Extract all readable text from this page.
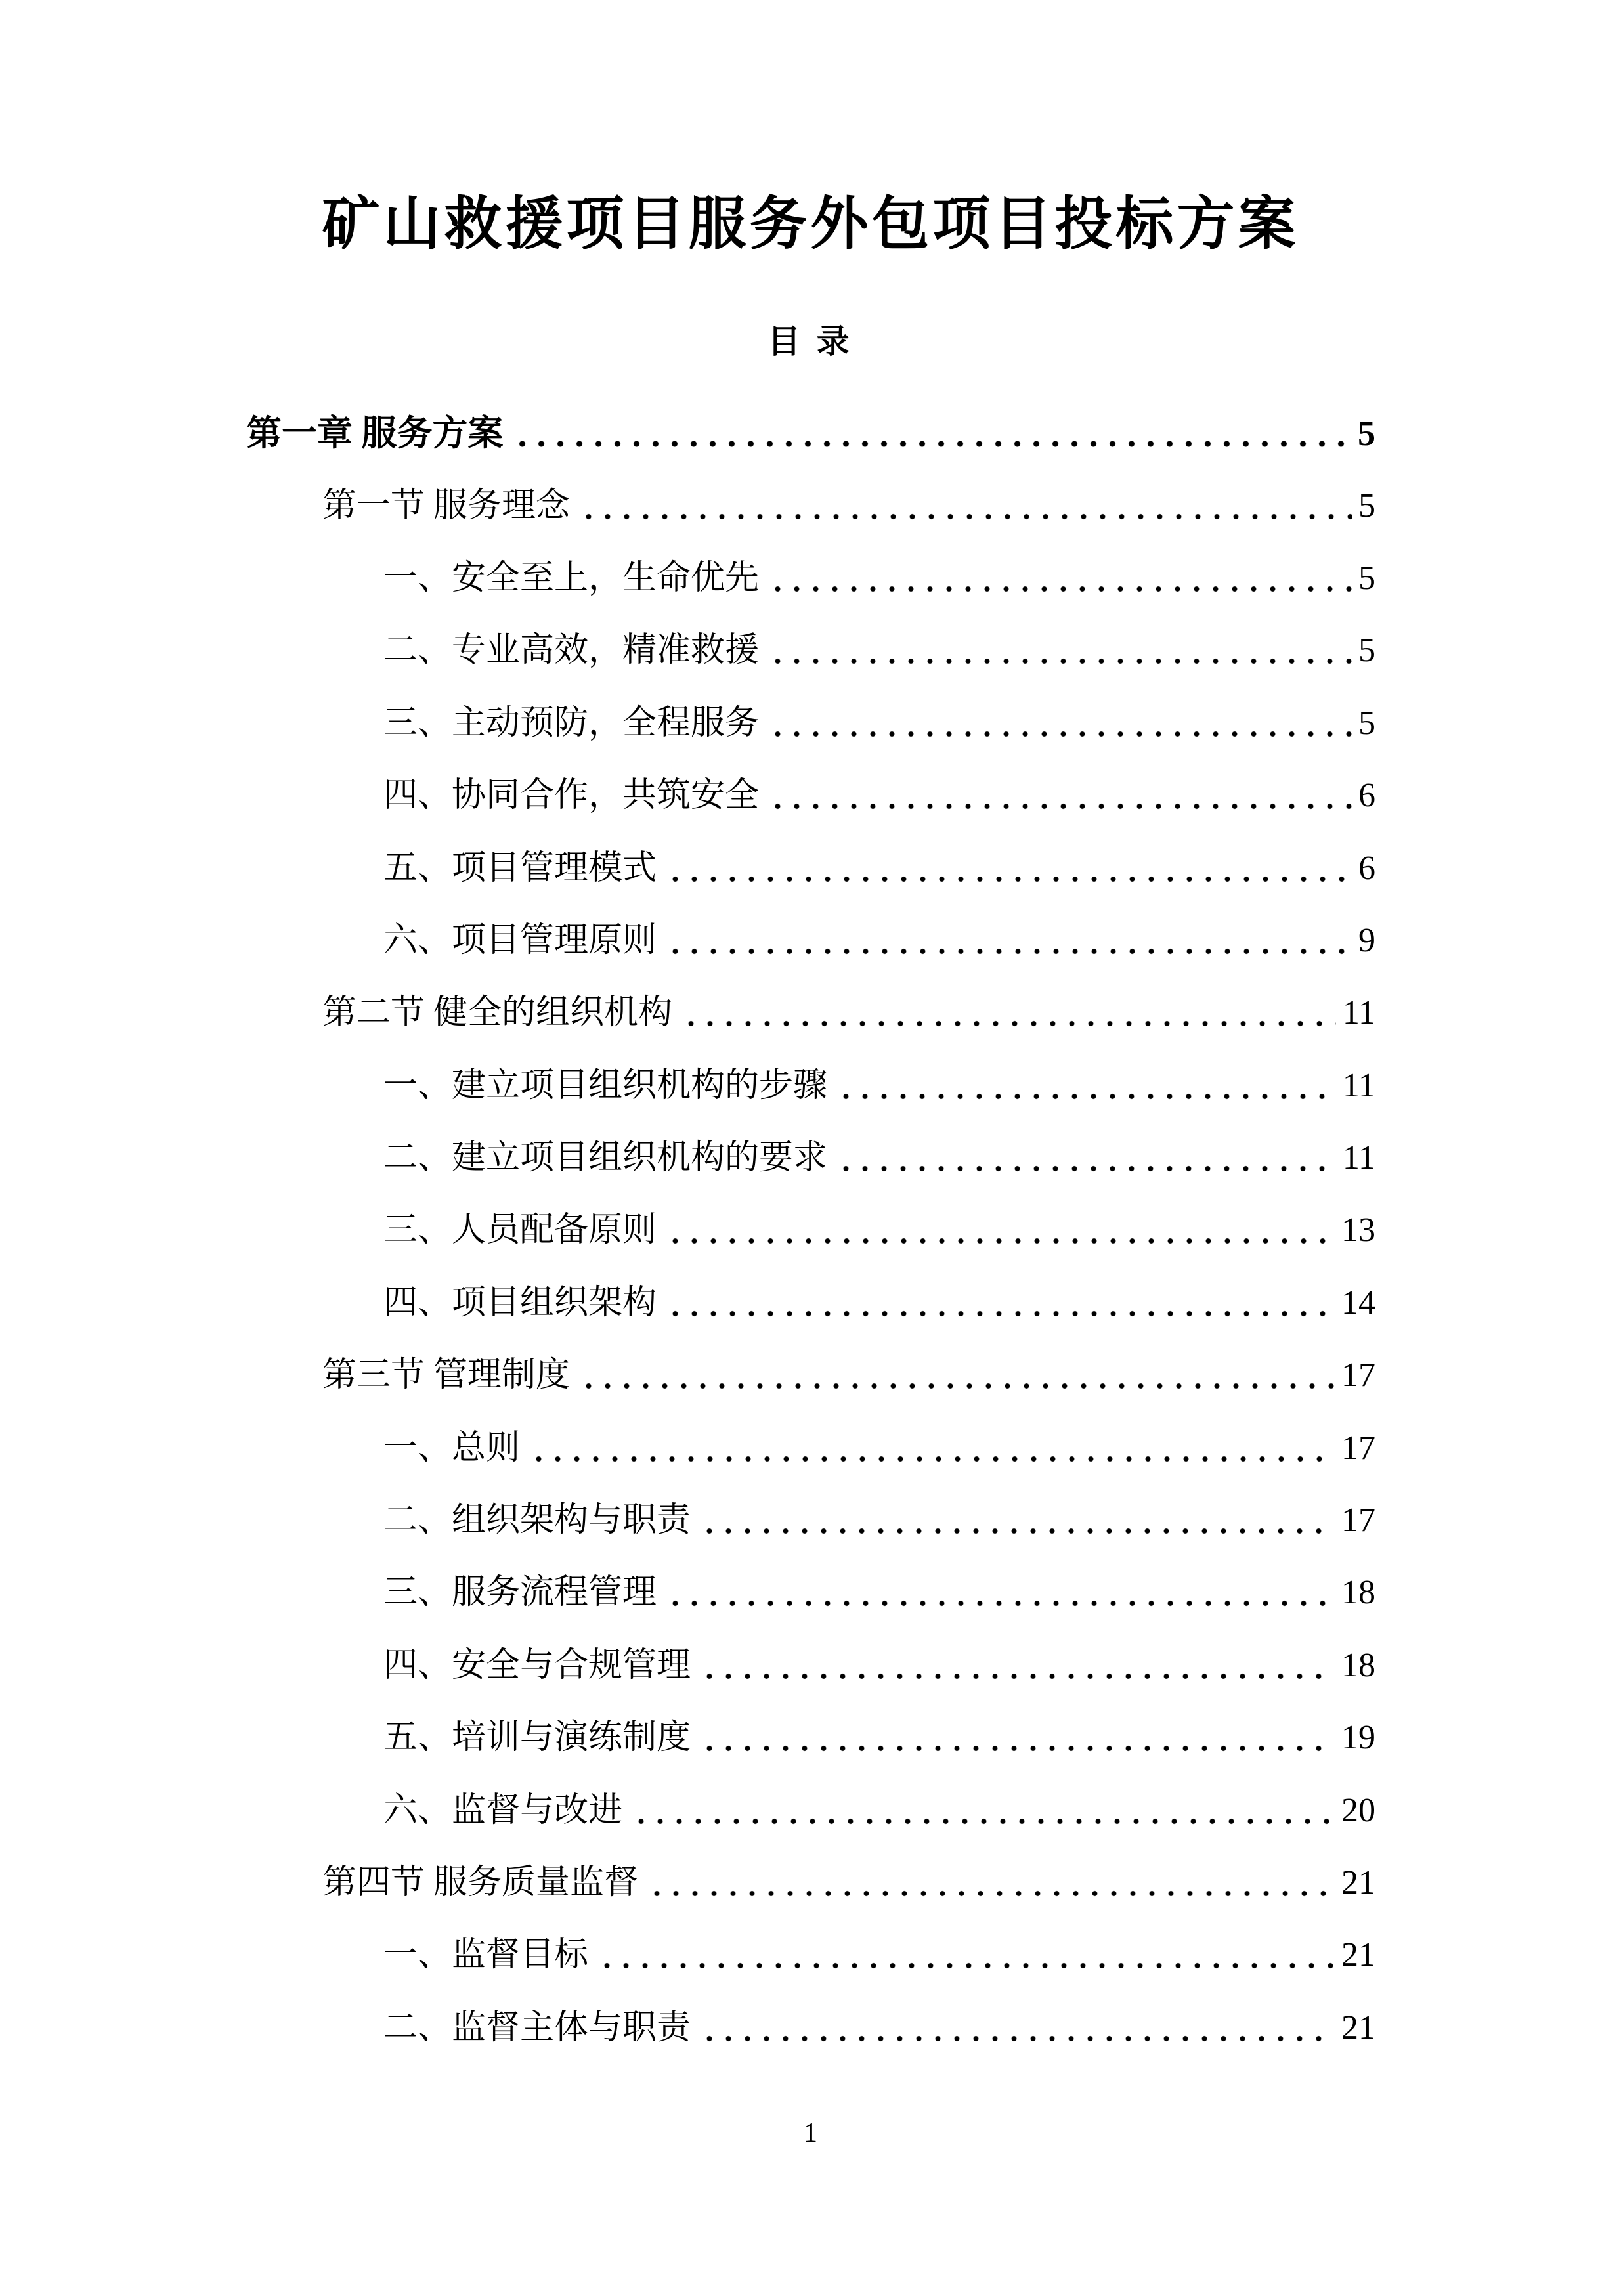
矿山救援项目服务外包项目投标方案
目 录
第一章 服务方案	5
第一节 服务理念	5
一、安全至上，生命优先	5
二、专业高效，精准救援	5
三、主动预防，全程服务	5
四、协同合作，共筑安全	6
五、项目管理模式	6
六、项目管理原则	9
第二节 健全的组织机构	11
一、建立项目组织机构的步骤	11
二、建立项目组织机构的要求	11
三、人员配备原则	13
四、项目组织架构	14
第三节 管理制度	17
一、总则	17
二、组织架构与职责	17
三、服务流程管理	18
四、安全与合规管理	18
五、培训与演练制度	19
六、监督与改进	20
第四节 服务质量监督	21
一、监督目标	21
二、监督主体与职责	21
1
